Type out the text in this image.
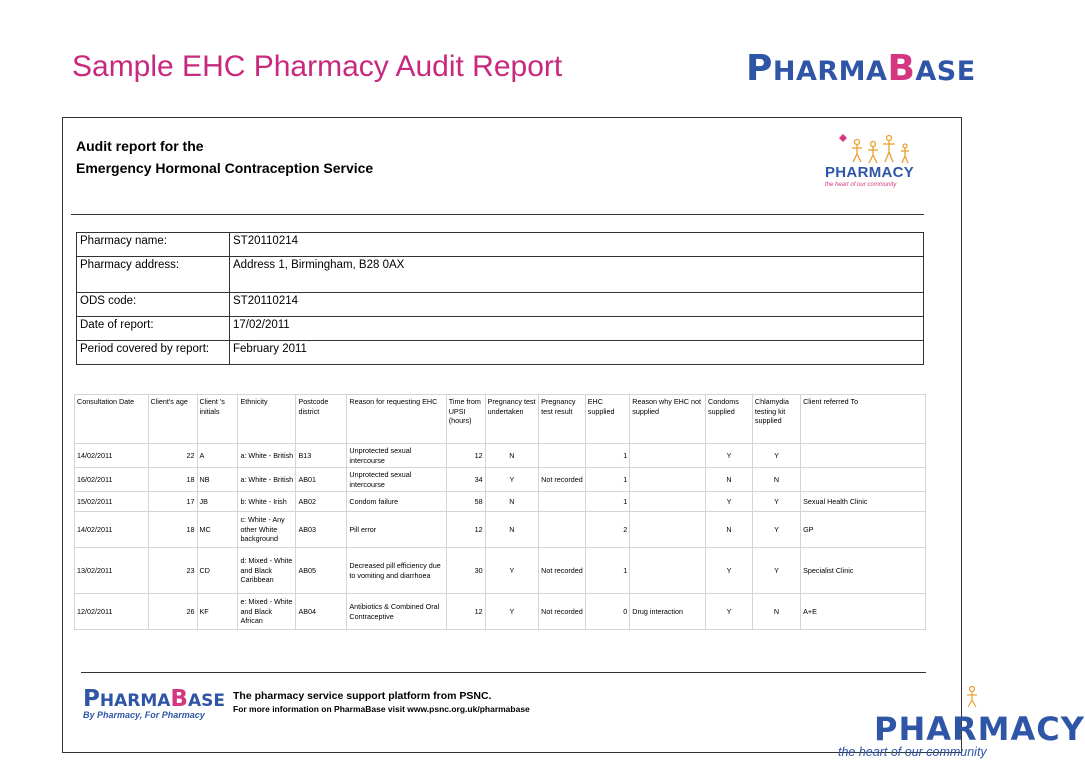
Sample EHC Pharmacy Audit Report	PHARMABASE
Audit report for the
Emergency Hormonal Contraception Service	PHARMACY
the heart of our community
Pharmacy name:	ST20110214
Pharmacy address:	Address 1, Birmingham, B28 0AX
ODS code:	ST20110214
Date of report:	17/02/2011
Period covered by report:	February 2011
Consultation Date	Client's age	Client 's initials	Ethnicity	Postcode district	Reason for requesting EHC	Time from UPSI (hours)	Pregnancy test undertaken	Pregnancy test result	EHC supplied	Reason why EHC not supplied	Condoms supplied	Chlamydia testing kit supplied	Client referred To
14/02/2011	22	A	a: White - British	B13	Unprotected sexual intercourse	12	N		1		Y	Y	
16/02/2011	18	NB	a: White - British	AB01	Unprotected sexual intercourse	34	Y	Not recorded	1		N	N	
15/02/2011	17	JB	b: White - Irish	AB02	Condom failure	58	N		1		Y	Y	Sexual Health Clinic
14/02/2011	18	MC	c: White - Any other White background	AB03	Pill error	12	N		2		N	Y	GP
13/02/2011	23	CD	d: Mixed - White and Black Caribbean	AB05	Decreased pill efficiency due to vomiting and diarrhoea	30	Y	Not recorded	1		Y	Y	Specialist Clinic
12/02/2011	26	KF	e: Mixed - White and Black African	AB04	Antibiotics & Combined Oral Contraceptive	12	Y	Not recorded	0	Drug interaction	Y	N	A+E
PHARMABASE
By Pharmacy, For Pharmacy
The pharmacy service support platform from PSNC.
For more information on PharmaBase visit www.psnc.org.uk/pharmabase
PHARMACY
the heart of our community
